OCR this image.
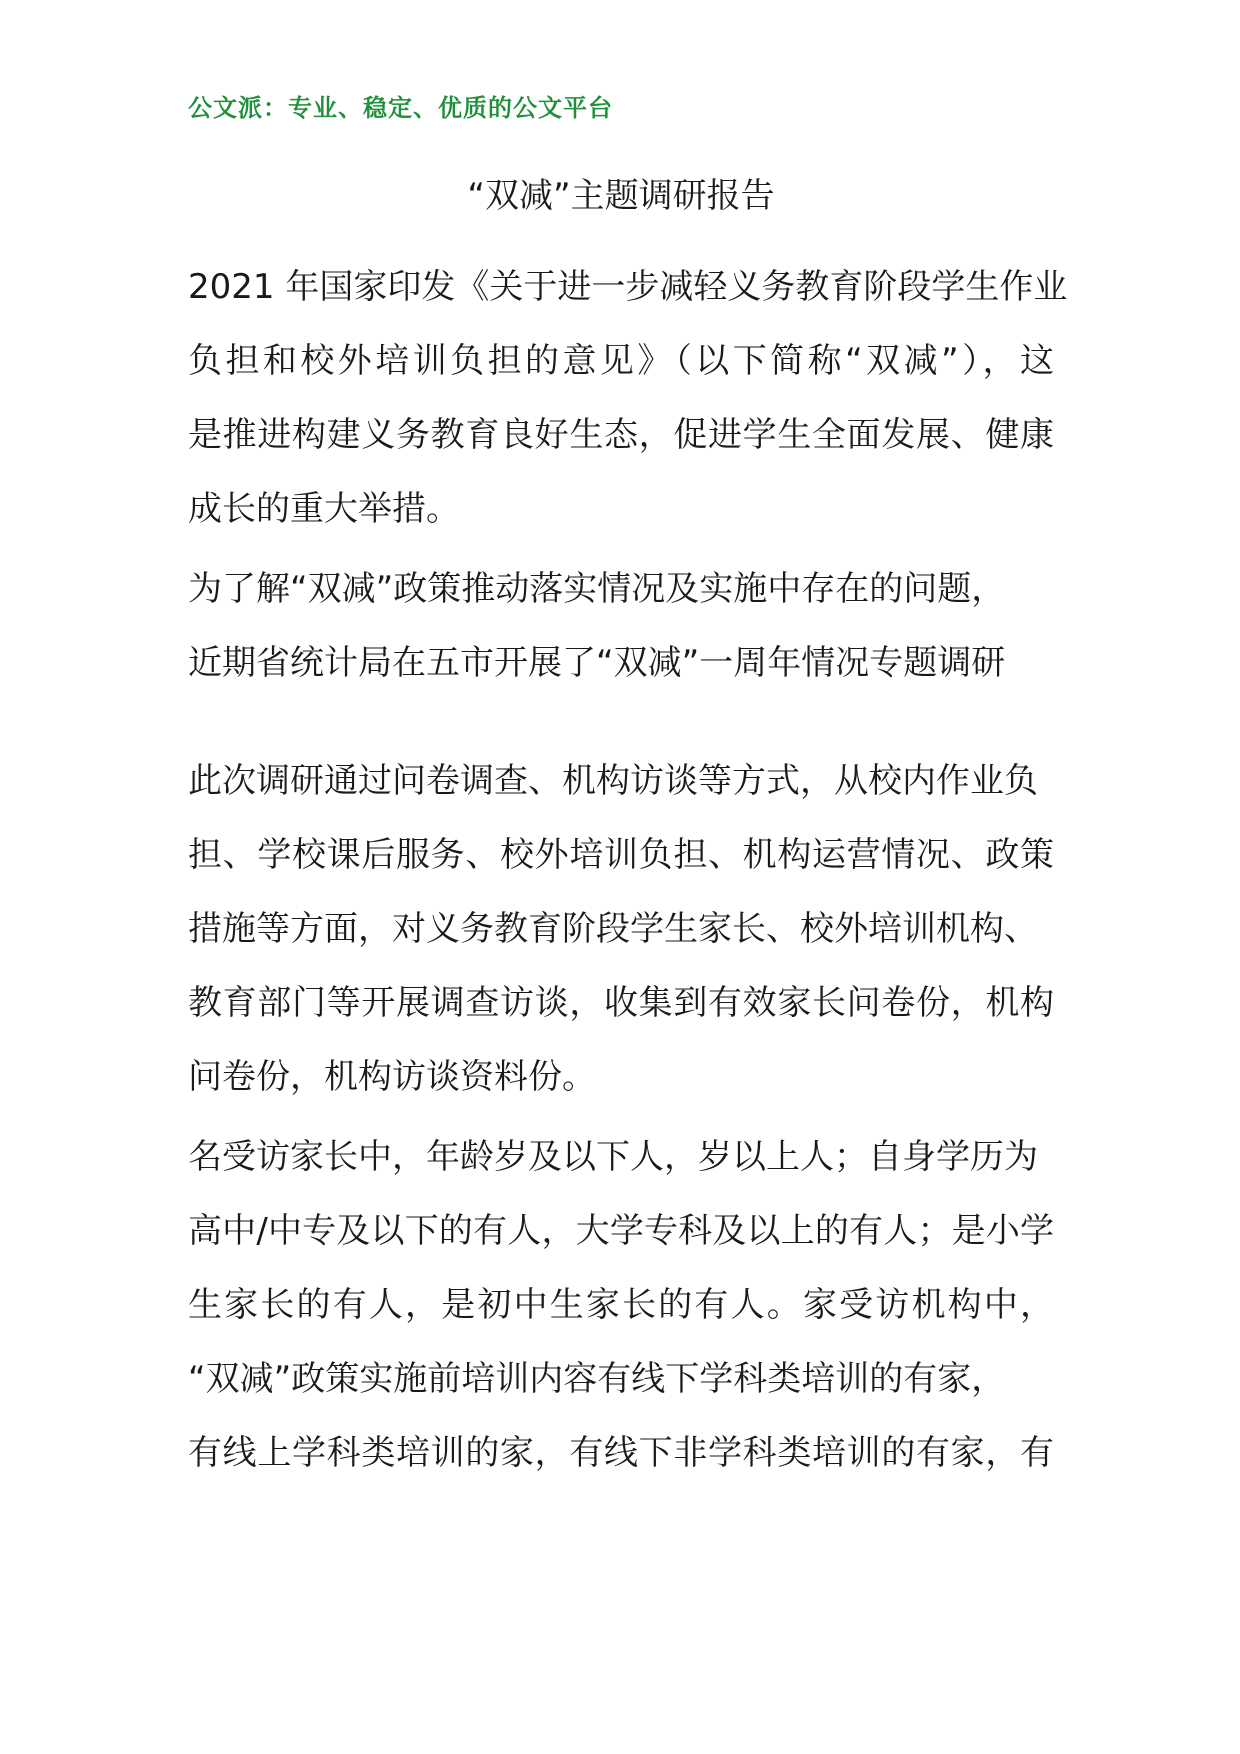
公文派：专业、稳定、优质的公文平台
“双减”主题调研报告
2021 年国家印发《关于进一步减轻义务教育阶段学生作业
负担和校外培训负担的意见》（以下简称“双减”），这
是推进构建义务教育良好生态，促进学生全面发展、健康
成长的重大举措。
为了解“双减”政策推动落实情况及实施中存在的问题，
近期省统计局在五市开展了“双减”一周年情况专题调研
此次调研通过问卷调查、机构访谈等方式，从校内作业负
担、学校课后服务、校外培训负担、机构运营情况、政策
措施等方面，对义务教育阶段学生家长、校外培训机构、
教育部门等开展调查访谈，收集到有效家长问卷份，机构
问卷份，机构访谈资料份。
名受访家长中，年龄岁及以下人，岁以上人；自身学历为
高中/中专及以下的有人，大学专科及以上的有人；是小学
生家长的有人，是初中生家长的有人。家受访机构中，
“双减”政策实施前培训内容有线下学科类培训的有家，
有线上学科类培训的家，有线下非学科类培训的有家，有
